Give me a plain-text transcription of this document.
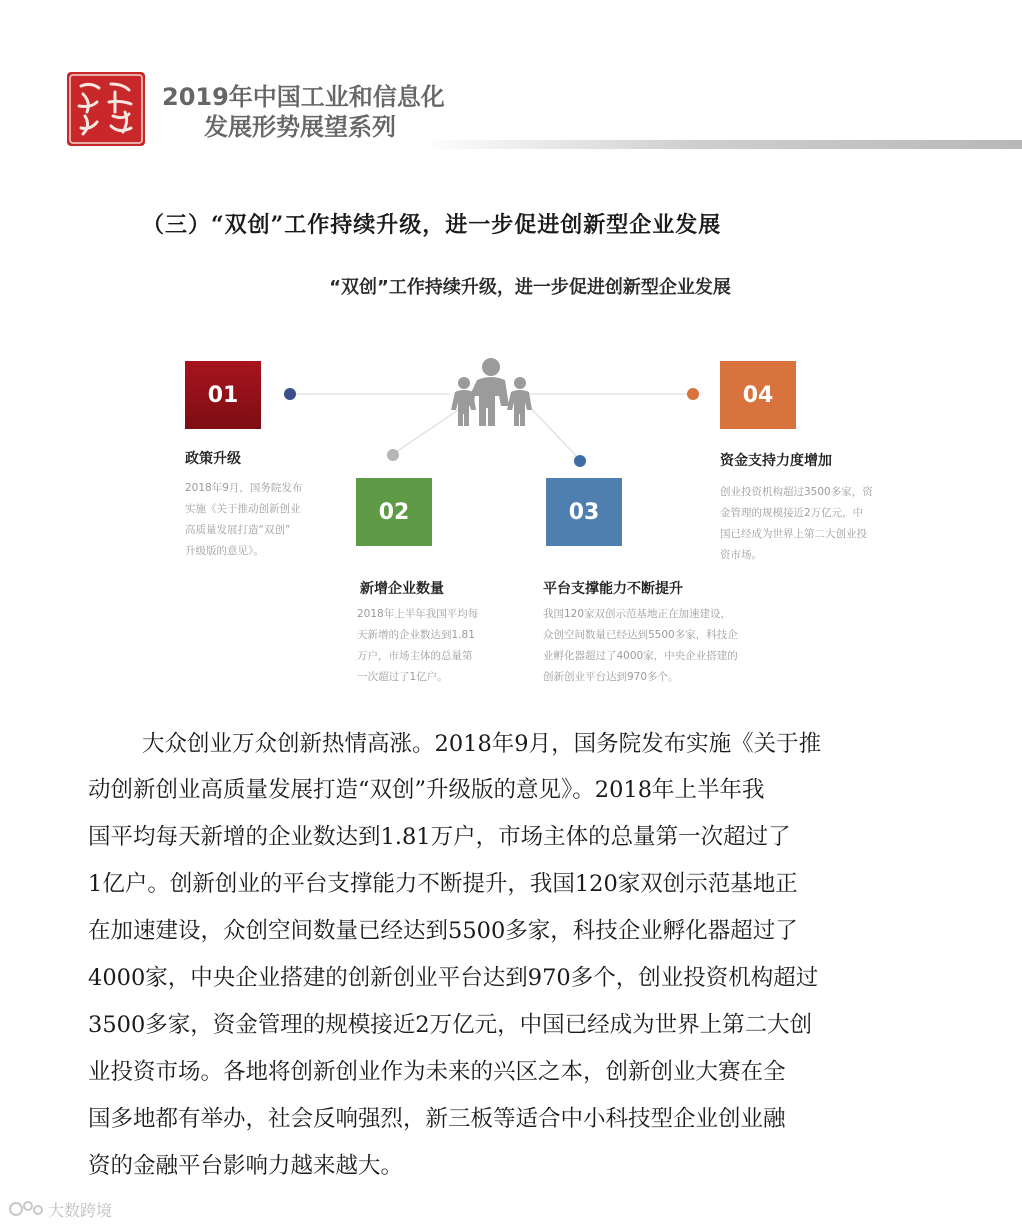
2019年中国工业和信息化
发展形势展望系列
（三）“双创”工作持续升级，进一步促进创新型企业发展
“双创”工作持续升级，进一步促进创新型企业发展
01
02	03
04
政策升级
2018年9月，国务院发布
实施《关于推动创新创业
高质量发展打造“双创”
升级版的意见》。
新增企业数量
2018年上半年我国平均每
天新增的企业数达到1.81
万户，市场主体的总量第
一次超过了1亿户。
平台支撑能力不断提升
我国120家双创示范基地正在加速建设，
众创空间数量已经达到5500多家，科技企
业孵化器超过了4000家，中央企业搭建的
创新创业平台达到970多个。
资金支持力度增加
创业投资机构超过3500多家，资
金管理的规模接近2万亿元，中
国已经成为世界上第二大创业投
资市场。
大众创业万众创新热情高涨。2018年9月，国务院发布实施《关于推
动创新创业高质量发展打造“双创”升级版的意见》。2018年上半年我
国平均每天新增的企业数达到1.81万户，市场主体的总量第一次超过了
1亿户。创新创业的平台支撑能力不断提升，我国120家双创示范基地正
在加速建设，众创空间数量已经达到5500多家，科技企业孵化器超过了
4000家，中央企业搭建的创新创业平台达到970多个，创业投资机构超过
3500多家，资金管理的规模接近2万亿元，中国已经成为世界上第二大创
业投资市场。各地将创新创业作为未来的兴区之本，创新创业大赛在全
国多地都有举办，社会反响强烈，新三板等适合中小科技型企业创业融
资的金融平台影响力越来越大。
大数跨境
